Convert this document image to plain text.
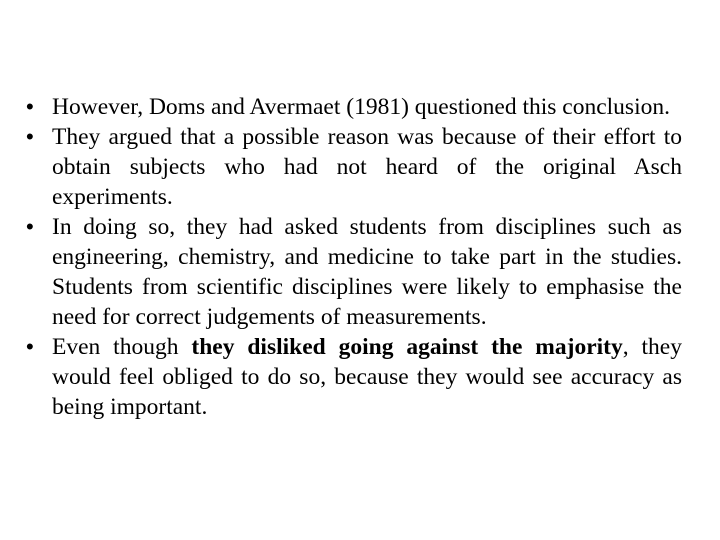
• However, Doms and Avermaet (1981) questioned this conclusion.
• They argued that a possible reason was because of their effort to obtain subjects who had not heard of the original Asch experiments.
• In doing so, they had asked students from disciplines such as engineering, chemistry, and medicine to take part in the studies. Students from scientific disciplines were likely to emphasise the need for correct judgements of measurements.
• Even though they disliked going against the majority, they would feel obliged to do so, because they would see accuracy as being important.
